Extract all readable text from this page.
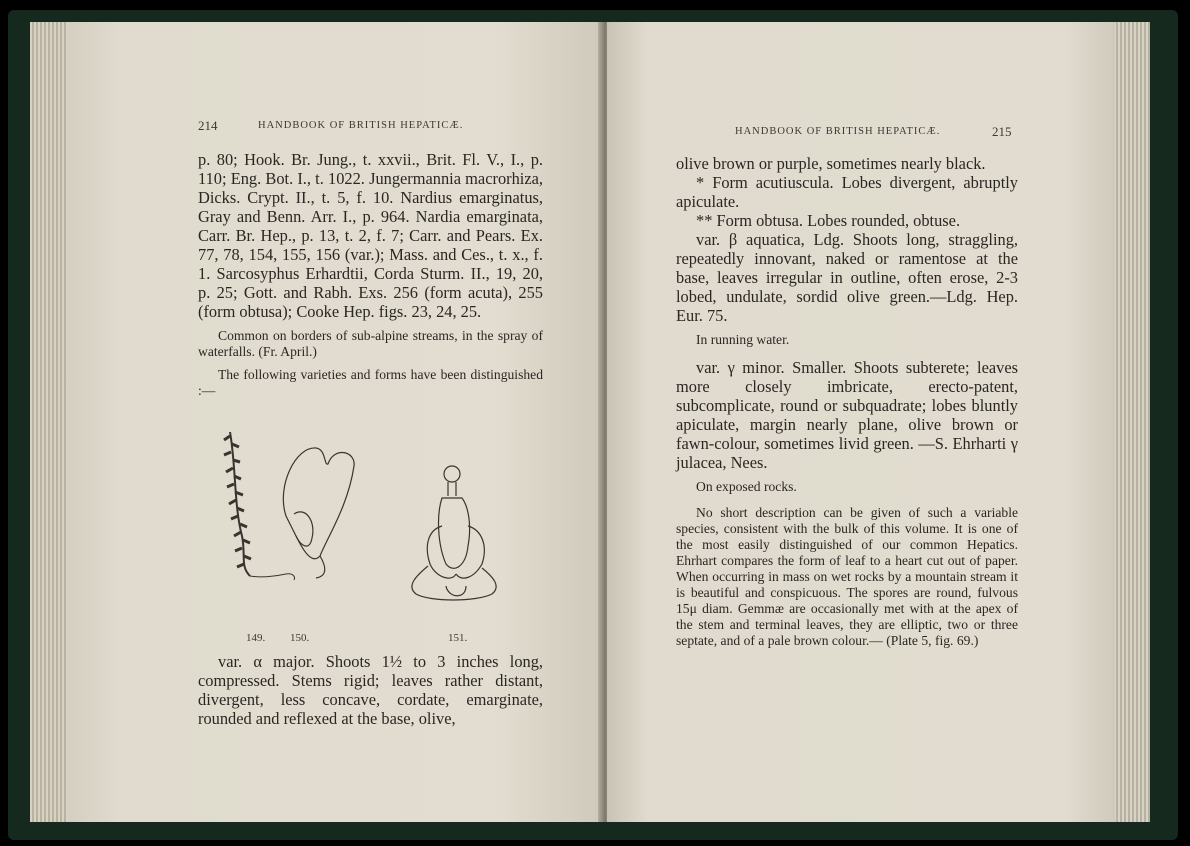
214	HANDBOOK OF BRITISH HEPATICÆ.

p. 80; Hook. Br. Jung., t. xxvii., Brit. Fl. V., I., p. 110; Eng. Bot. I., t. 1022. Jungermannia macrorhiza, Dicks. Crypt. II., t. 5, f. 10. Nardius emarginatus, Gray and Benn. Arr. I., p. 964. Nardia emarginata, Carr. Br. Hep., p. 13, t. 2, f. 7; Carr. and Pears. Ex. 77, 78, 154, 155, 156 (var.); Mass. and Ces., t. x., f. 1. Sarcosyphus Erhardtii, Corda Sturm. II., 19, 20, p. 25; Gott. and Rabh. Exs. 256 (form acuta), 255 (form obtusa); Cooke Hep. figs. 23, 24, 25.

Common on borders of sub-alpine streams, in the spray of waterfalls. (Fr. April.)

The following varieties and forms have been distinguished :—

149. 150.	151.

var. α major. Shoots 1½ to 3 inches long, compressed. Stems rigid; leaves rather distant, divergent, less concave, cordate, emarginate, rounded and reflexed at the base, olive,

HANDBOOK OF BRITISH HEPATICÆ.	215

olive brown or purple, sometimes nearly black.

* Form acutiuscula. Lobes divergent, abruptly apiculate.

** Form obtusa. Lobes rounded, obtuse.

var. β aquatica, Ldg. Shoots long, straggling, repeatedly innovant, naked or ramentose at the base, leaves irregular in outline, often erose, 2-3 lobed, undulate, sordid olive green.—Ldg. Hep. Eur. 75.

In running water.

var. γ minor. Smaller. Shoots subterete; leaves more closely imbricate, erecto-patent, subcomplicate, round or subquadrate; lobes bluntly apiculate, margin nearly plane, olive brown or fawn-colour, sometimes livid green. —S. Ehrharti γ julacea, Nees.

On exposed rocks.

No short description can be given of such a variable species, consistent with the bulk of this volume. It is one of the most easily distinguished of our common Hepatics. Ehrhart compares the form of leaf to a heart cut out of paper. When occurring in mass on wet rocks by a mountain stream it is beautiful and conspicuous. The spores are round, fulvous 15μ diam. Gemmæ are occasionally met with at the apex of the stem and terminal leaves, they are elliptic, two or three septate, and of a pale brown colour.— (Plate 5, fig. 69.)
